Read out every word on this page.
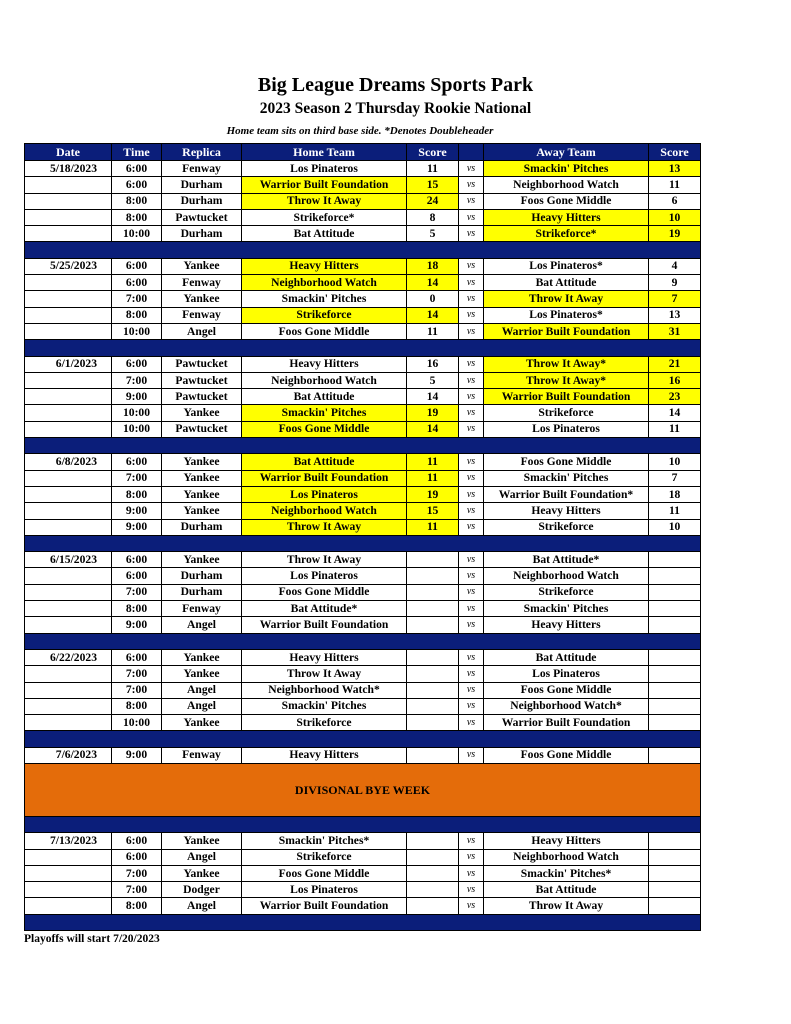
Big League Dreams Sports Park
2023 Season 2 Thursday Rookie National
Home team sits on third base side. *Denotes Doubleheader
Date	Time	Replica	Home Team	Score		Away Team	Score
5/18/2023	6:00	Fenway	Los Pinateros	11	vs	Smackin' Pitches	13
	6:00	Durham	Warrior Built Foundation	15	vs	Neighborhood Watch	11
	8:00	Durham	Throw It Away	24	vs	Foos Gone Middle	6
	8:00	Pawtucket	Strikeforce*	8	vs	Heavy Hitters	10
	10:00	Durham	Bat Attitude	5	vs	Strikeforce*	19

5/25/2023	6:00	Yankee	Heavy Hitters	18	vs	Los Pinateros*	4
	6:00	Fenway	Neighborhood Watch	14	vs	Bat Attitude	9
	7:00	Yankee	Smackin' Pitches	0	vs	Throw It Away	7
	8:00	Fenway	Strikeforce	14	vs	Los Pinateros*	13
	10:00	Angel	Foos Gone Middle	11	vs	Warrior Built Foundation	31

6/1/2023	6:00	Pawtucket	Heavy Hitters	16	vs	Throw It Away*	21
	7:00	Pawtucket	Neighborhood Watch	5	vs	Throw It Away*	16
	9:00	Pawtucket	Bat Attitude	14	vs	Warrior Built Foundation	23
	10:00	Yankee	Smackin' Pitches	19	vs	Strikeforce	14
	10:00	Pawtucket	Foos Gone Middle	14	vs	Los Pinateros	11

6/8/2023	6:00	Yankee	Bat Attitude	11	vs	Foos Gone Middle	10
	7:00	Yankee	Warrior Built Foundation	11	vs	Smackin' Pitches	7
	8:00	Yankee	Los Pinateros	19	vs	Warrior Built Foundation*	18
	9:00	Yankee	Neighborhood Watch	15	vs	Heavy Hitters	11
	9:00	Durham	Throw It Away	11	vs	Strikeforce	10

6/15/2023	6:00	Yankee	Throw It Away		vs	Bat Attitude*	
	6:00	Durham	Los Pinateros		vs	Neighborhood Watch	
	7:00	Durham	Foos Gone Middle		vs	Strikeforce	
	8:00	Fenway	Bat Attitude*		vs	Smackin' Pitches	
	9:00	Angel	Warrior Built Foundation		vs	Heavy Hitters	

6/22/2023	6:00	Yankee	Heavy Hitters		vs	Bat Attitude	
	7:00	Yankee	Throw It Away		vs	Los Pinateros	
	7:00	Angel	Neighborhood Watch*		vs	Foos Gone Middle	
	8:00	Angel	Smackin' Pitches		vs	Neighborhood Watch*	
	10:00	Yankee	Strikeforce		vs	Warrior Built Foundation	

7/6/2023	9:00	Fenway	Heavy Hitters		vs	Foos Gone Middle	
DIVISONAL BYE WEEK							

7/13/2023	6:00	Yankee	Smackin' Pitches*		vs	Heavy Hitters	
	6:00	Angel	Strikeforce		vs	Neighborhood Watch	
	7:00	Yankee	Foos Gone Middle		vs	Smackin' Pitches*	
	7:00	Dodger	Los Pinateros		vs	Bat Attitude	
	8:00	Angel	Warrior Built Foundation		vs	Throw It Away	

Playoffs will start 7/20/2023
